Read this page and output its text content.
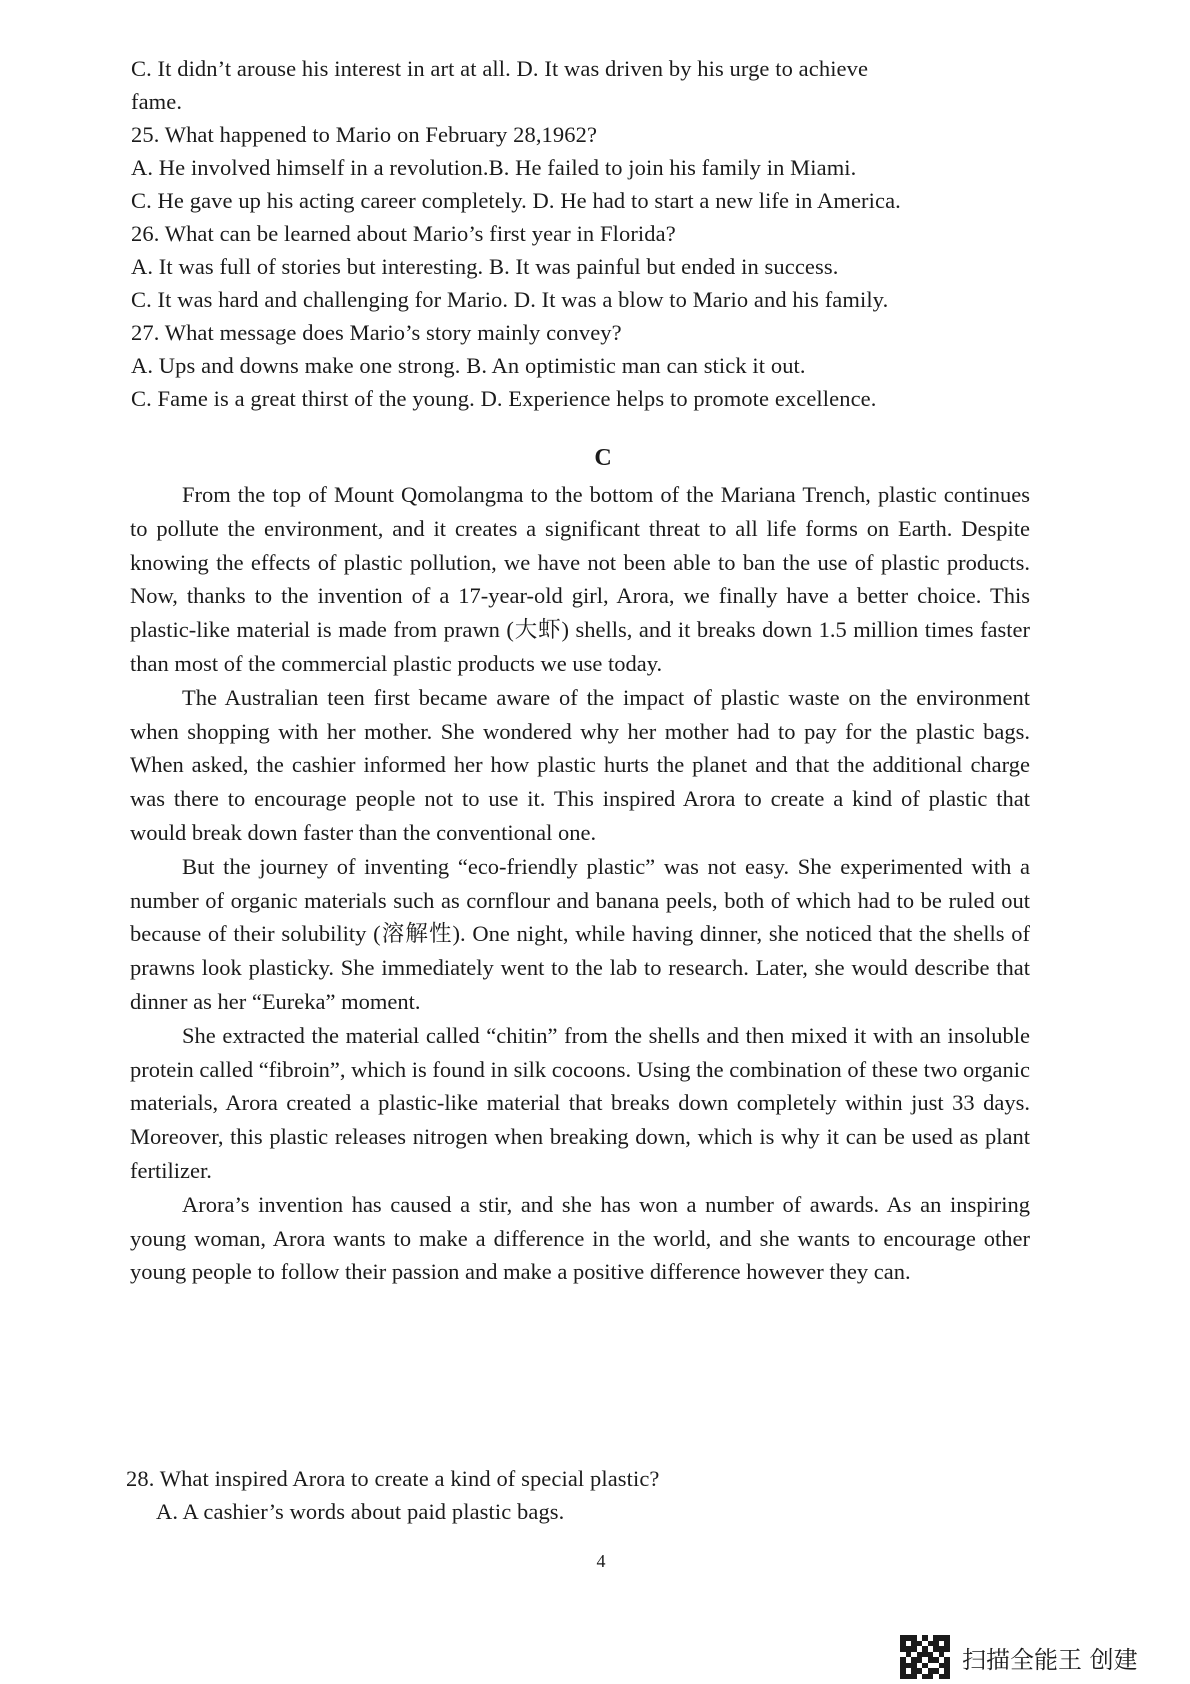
C. It didn’t arouse his interest in art at all. D. It was driven by his urge to achieve
fame.
25. What happened to Mario on February 28,1962?
A. He involved himself in a revolution.B. He failed to join his family in Miami.
C. He gave up his acting career completely. D. He had to start a new life in America.
26. What can be learned about Mario’s first year in Florida?
A. It was full of stories but interesting. B. It was painful but ended in success.
C. It was hard and challenging for Mario. D. It was a blow to Mario and his family.
27. What message does Mario’s story mainly convey?
A. Ups and downs make one strong. B. An optimistic man can stick it out.
C. Fame is a great thirst of the young. D. Experience helps to promote excellence.
C

From the top of Mount Qomolangma to the bottom of the Mariana Trench, plastic continues to pollute the environment, and it creates a significant threat to all life forms on Earth. Despite knowing the effects of plastic pollution, we have not been able to ban the use of plastic products. Now, thanks to the invention of a 17-year-old girl, Arora, we finally have a better choice. This plastic-like material is made from prawn (大虾) shells, and it breaks down 1.5 million times faster than most of the commercial plastic products we use today.

The Australian teen first became aware of the impact of plastic waste on the environment when shopping with her mother. She wondered why her mother had to pay for the plastic bags. When asked, the cashier informed her how plastic hurts the planet and that the additional charge was there to encourage people not to use it. This inspired Arora to create a kind of plastic that would break down faster than the conventional one.

But the journey of inventing “eco-friendly plastic” was not easy. She experimented with a number of organic materials such as cornflour and banana peels, both of which had to be ruled out because of their solubility (溶解性). One night, while having dinner, she noticed that the shells of prawns look plasticky. She immediately went to the lab to research. Later, she would describe that dinner as her “Eureka” moment.

She extracted the material called “chitin” from the shells and then mixed it with an insoluble protein called “fibroin”, which is found in silk cocoons. Using the combination of these two organic materials, Arora created a plastic-like material that breaks down completely within just 33 days. Moreover, this plastic releases nitrogen when breaking down, which is why it can be used as plant fertilizer.

Arora’s invention has caused a stir, and she has won a number of awards. As an inspiring young woman, Arora wants to make a difference in the world, and she wants to encourage other young people to follow their passion and make a positive difference however they can.

28. What inspired Arora to create a kind of special plastic?
A. A cashier’s words about paid plastic bags.
4
扫描全能王 创建
